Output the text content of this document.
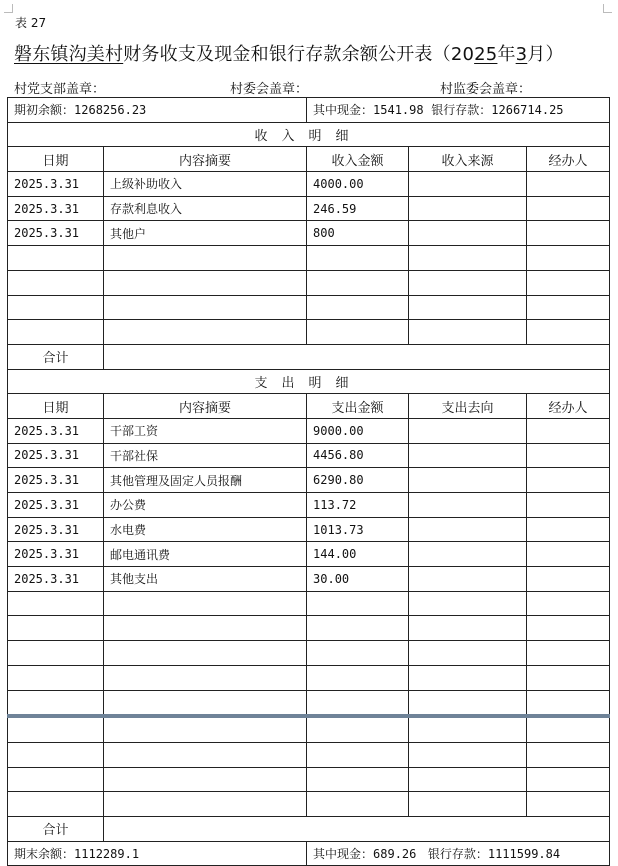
表 27
磐东镇沟美村财务收支及现金和银行存款余额公开表（2025年3月）
村党支部盖章：	村委会盖章：	村监委会盖章：
期初余额：1268256.23		其中现金：1541.98 银行存款：1266714.25		
收入明细				
日期	内容摘要	收入金额	收入来源	经办人
2025.3.31	上级补助收入	4000.00		
2025.3.31	存款利息收入	246.59		
2025.3.31	其他户	800		

合计				
支出明细				
日期	内容摘要	支出金额	支出去向	经办人
2025.3.31	干部工资	9000.00		
2025.3.31	干部社保	4456.80		
2025.3.31	其他管理及固定人员报酬	6290.80		
2025.3.31	办公费	113.72		
2025.3.31	水电费	1013.73		
2025.3.31	邮电通讯费	144.00		
2025.3.31	其他支出	30.00		

合计				
期末余额：1112289.1		其中现金：689.26 银行存款：1111599.84		
